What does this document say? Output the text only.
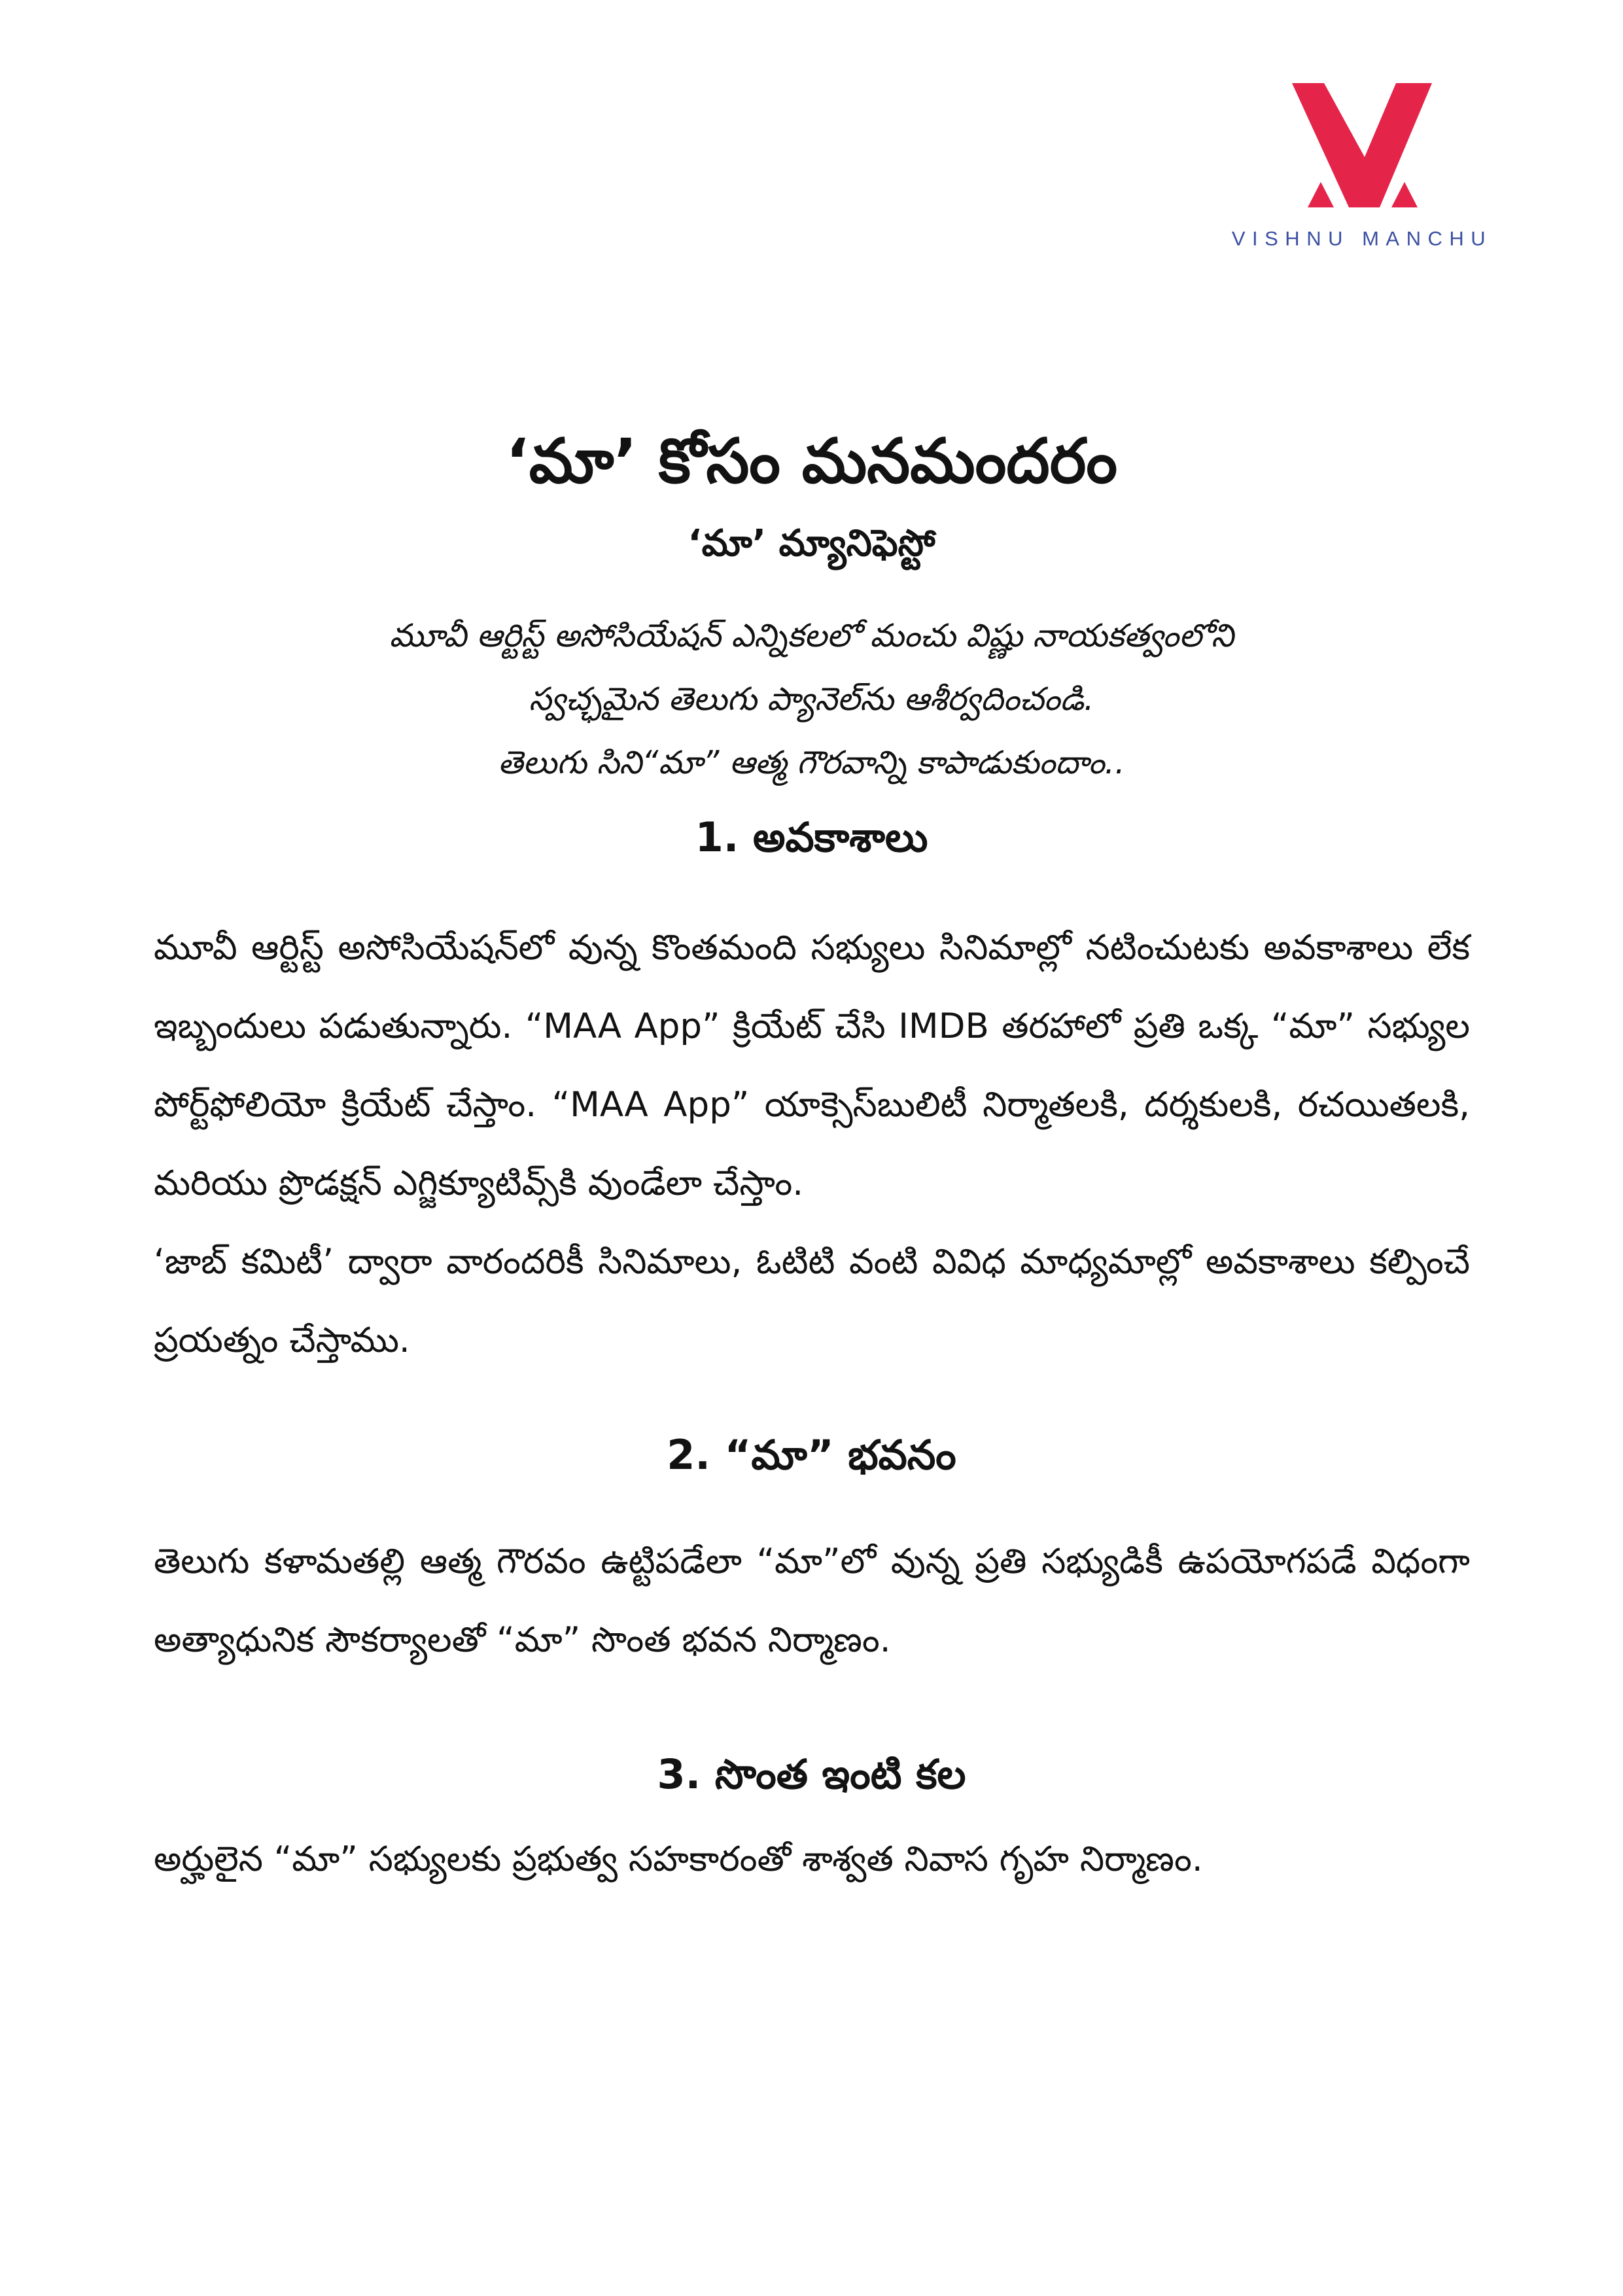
VISHNU MANCHU
‘మా’ కోసం మనమందరం
‘మా’ మ్యానిఫెస్టో
మూవీ ఆర్టిస్ట్ అసోసియేషన్ ఎన్నికలలో మంచు విష్ణు నాయకత్వంలోని
స్వచ్ఛమైన తెలుగు ప్యానెల్‌ను ఆశీర్వదించండి.
తెలుగు సిని“మా” ఆత్మ గౌరవాన్ని కాపాడుకుందాం..
1. అవకాశాలు

మూవీ ఆర్టిస్ట్ అసోసియేషన్‌లో వున్న కొంతమంది సభ్యులు సినిమాల్లో నటించుటకు అవకాశాలు లేక ఇబ్బందులు పడుతున్నారు. “MAA App” క్రియేట్ చేసి IMDB తరహాలో ప్రతి ఒక్క “మా” సభ్యుల పోర్ట్‌ఫోలియో క్రియేట్ చేస్తాం. “MAA App” యాక్సెస్‌బులిటీ నిర్మాతలకి, దర్శకులకి, రచయితలకి, మరియు ప్రొడక్షన్ ఎగ్జిక్యూటివ్స్‌కి వుండేలా చేస్తాం.

‘జాబ్ కమిటీ’ ద్వారా వారందరికీ సినిమాలు, ఓటిటి వంటి వివిధ మాధ్యమాల్లో అవకాశాలు కల్పించే ప్రయత్నం చేస్తాము.

2. “మా” భవనం

తెలుగు కళామతల్లి ఆత్మ గౌరవం ఉట్టిపడేలా “మా”లో వున్న ప్రతి సభ్యుడికీ ఉపయోగపడే విధంగా అత్యాధునిక సౌకర్యాలతో “మా” సొంత భవన నిర్మాణం.

3. సొంత ఇంటి కల

అర్హులైన “మా” సభ్యులకు ప్రభుత్వ సహకారంతో శాశ్వత నివాస గృహ నిర్మాణం.
